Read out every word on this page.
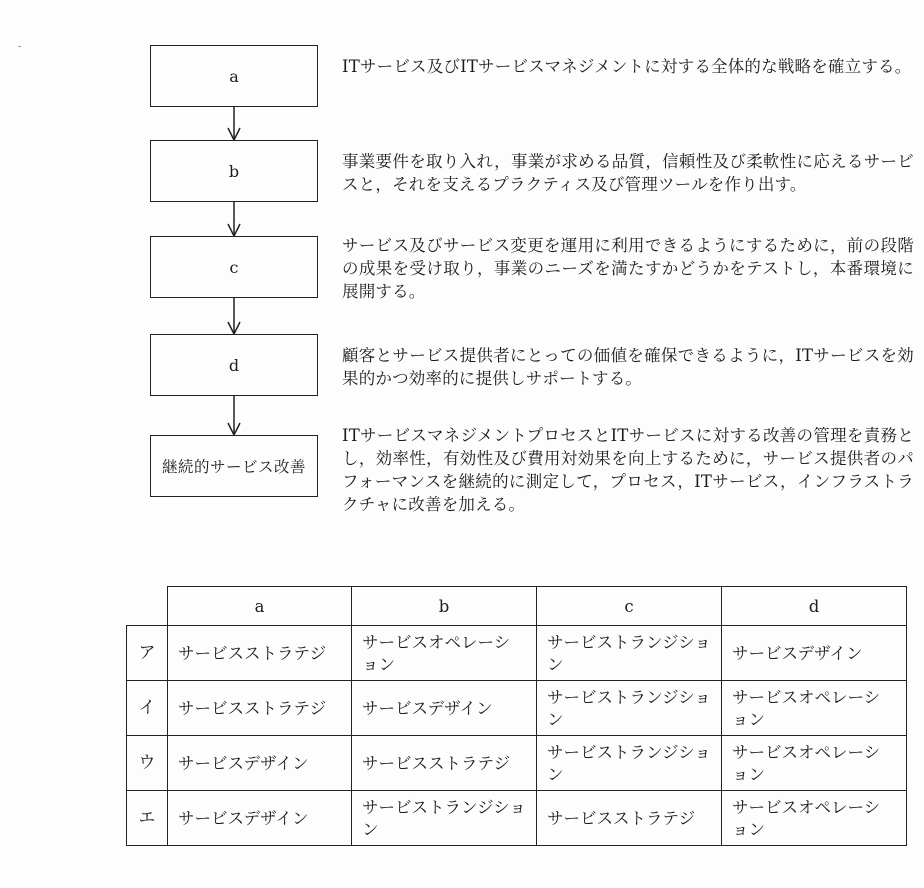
a
b
c
d
継続的サービス改善
ITサービス及びITサービスマネジメントに対する全体的な戦略を確立する。
事業要件を取り入れ，事業が求める品質，信頼性及び柔軟性に応えるサービスと，それを支えるプラクティス及び管理ツールを作り出す。
サービス及びサービス変更を運用に利用できるようにするために，前の段階の成果を受け取り，事業のニーズを満たすかどうかをテストし，本番環境に展開する。
顧客とサービス提供者にとっての価値を確保できるように，ITサービスを効果的かつ効率的に提供しサポートする。
ITサービスマネジメントプロセスとITサービスに対する改善の管理を責務とし，効率性，有効性及び費用対効果を向上するために，サービス提供者のパフォーマンスを継続的に測定して，プロセス，ITサービス，インフラストラクチャに改善を加える。
	a	b	c	d
ア	サービスストラテジ	サービスオペレーション	サービストランジション	サービスデザイン
イ	サービスストラテジ	サービスデザイン	サービストランジション	サービスオペレーション
ウ	サービスデザイン	サービスストラテジ	サービストランジション	サービスオペレーション
エ	サービスデザイン	サービストランジション	サービスストラテジ	サービスオペレーション
